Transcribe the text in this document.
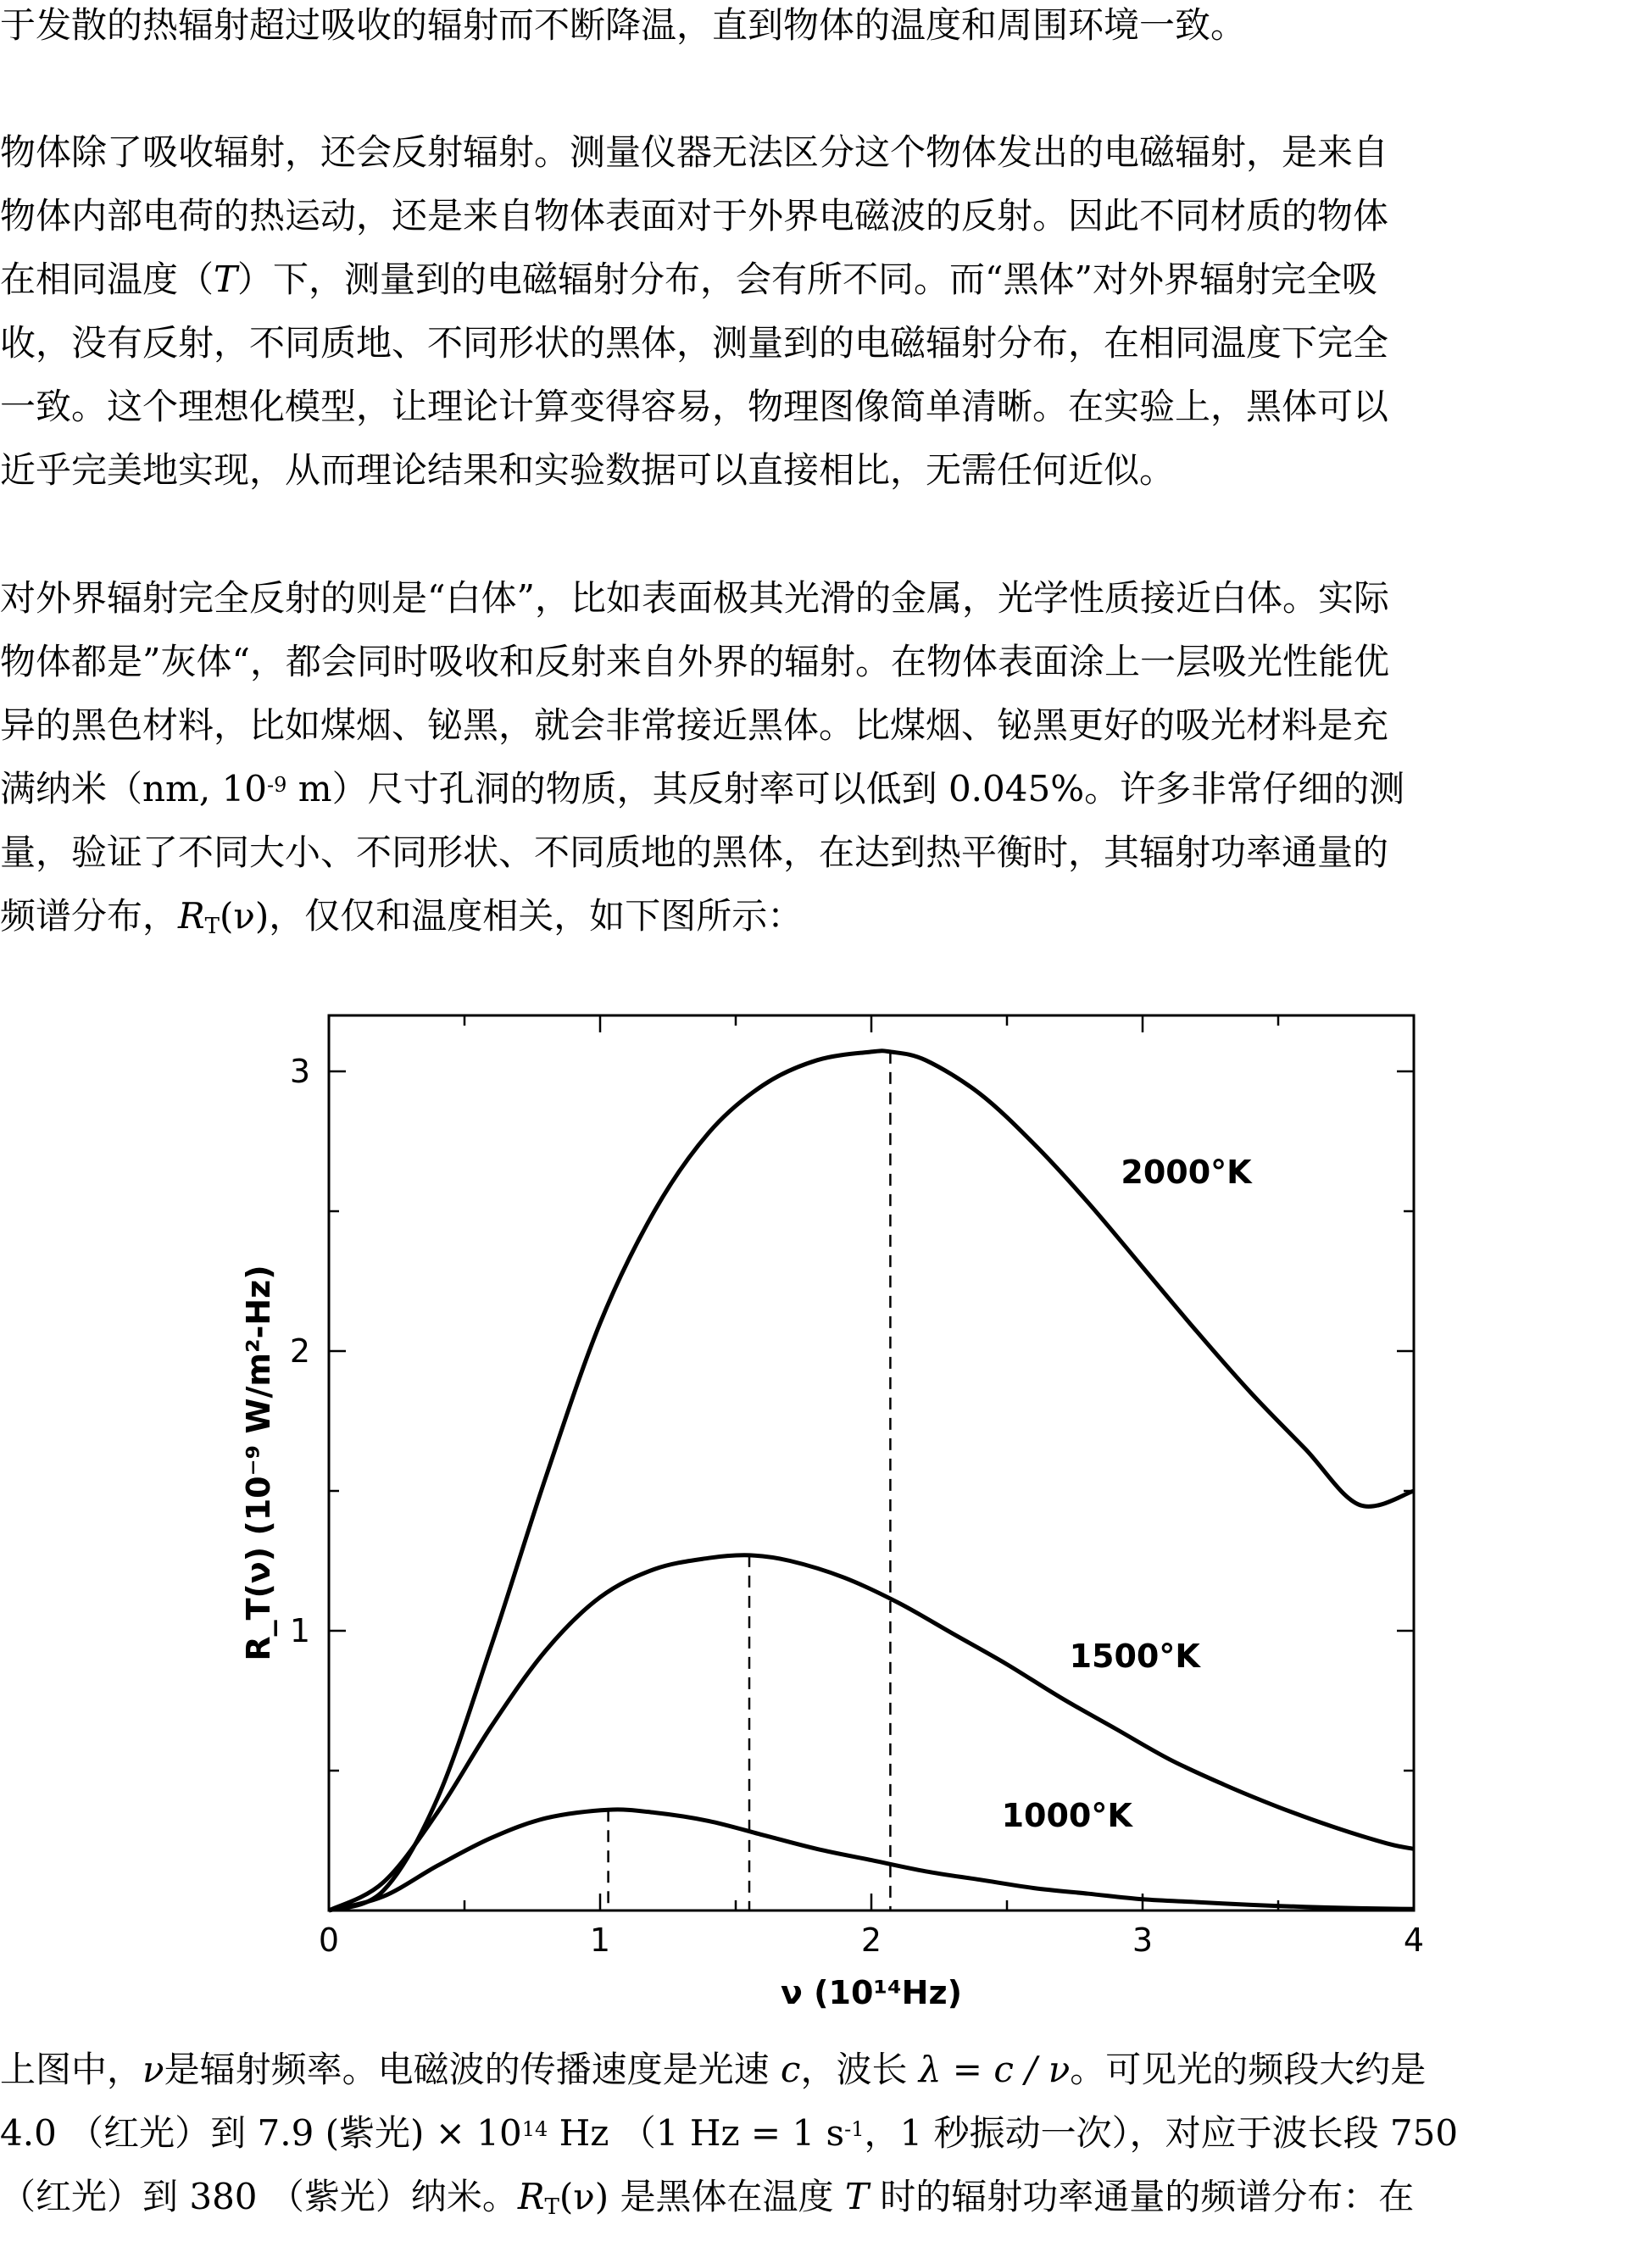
于发散的热辐射超过吸收的辐射而不断降温，直到物体的温度和周围环境一致。
物体除了吸收辐射，还会反射辐射。测量仪器无法区分这个物体发出的电磁辐射，是来自
物体内部电荷的热运动，还是来自物体表面对于外界电磁波的反射。因此不同材质的物体
在相同温度（T）下，测量到的电磁辐射分布，会有所不同。而“黑体”对外界辐射完全吸
收，没有反射，不同质地、不同形状的黑体，测量到的电磁辐射分布，在相同温度下完全
一致。这个理想化模型，让理论计算变得容易，物理图像简单清晰。在实验上，黑体可以
近乎完美地实现，从而理论结果和实验数据可以直接相比，无需任何近似。
对外界辐射完全反射的则是“白体”，比如表面极其光滑的金属，光学性质接近白体。实际
物体都是”灰体“，都会同时吸收和反射来自外界的辐射。在物体表面涂上一层吸光性能优
异的黑色材料，比如煤烟、铋黑，就会非常接近黑体。比煤烟、铋黑更好的吸光材料是充
满纳米（nm, $10^{-9}$ m）尺寸孔洞的物质，其反射率可以低到 0.045%。许多非常仔细的测
量，验证了不同大小、不同形状、不同质地的黑体，在达到热平衡时，其辐射功率通量的
频谱分布，$R_T(\nu)$，仅仅和温度相关，如下图所示：
0	1	2	3	4
1
2
3
ν (10¹⁴Hz)
R_T(ν) (10⁻⁹ W/m²-Hz)
2000°K
1500°K
1000°K
上图中，ν是辐射频率。电磁波的传播速度是光速 c，波长 λ = c / ν。可见光的频段大约是
4.0 （红光）到 7.9 (紫光) × $10^{14}$ Hz （1 Hz = 1 $s^{-1}$，1 秒振动一次），对应于波长段 750
（红光）到 380 （紫光）纳米。$R_T(\nu)$ 是黑体在温度 T 时的辐射功率通量的频谱分布：在
